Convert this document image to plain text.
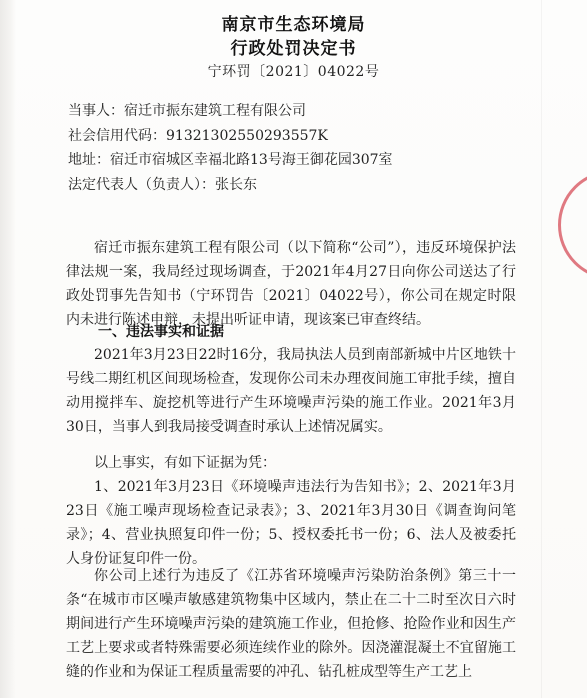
南京市生态环境局
行政处罚决定书
宁环罚〔2021〕04022号
当事人：宿迁市振东建筑工程有限公司
社会信用代码：91321302550293557K
地址：宿迁市宿城区幸福北路13号海王御花园307室
法定代表人（负责人）：张长东
宿迁市振东建筑工程有限公司（以下简称“公司”），违反环境保护法律法规一案，我局经过现场调查，于2021年4月27日向你公司送达了行政处罚事先告知书（宁环罚告〔2021〕04022号），你公司在规定时限内未进行陈述申辩，未提出听证申请，现该案已审查终结。
一、违法事实和证据
2021年3月23日22时16分，我局执法人员到南部新城中片区地铁十号线二期红机区间现场检查，发现你公司未办理夜间施工审批手续，擅自动用搅拌车、旋挖机等进行产生环境噪声污染的施工作业。2021年3月30日，当事人到我局接受调查时承认上述情况属实。
以上事实，有如下证据为凭：
1、2021年3月23日《环境噪声违法行为告知书》；2、2021年3月23日《施工噪声现场检查记录表》；3、2021年3月30日《调查询问笔录》；4、营业执照复印件一份；5、授权委托书一份；6、法人及被委托人身份证复印件一份。
你公司上述行为违反了《江苏省环境噪声污染防治条例》第三十一条“在城市市区噪声敏感建筑物集中区域内，禁止在二十二时至次日六时期间进行产生环境噪声污染的建筑施工作业，但抢修、抢险作业和因生产工艺上要求或者特殊需要必须连续作业的除外。因浇灌混凝土不宜留施工缝的作业和为保证工程质量需要的冲孔、钻孔桩成型等生产工艺上
